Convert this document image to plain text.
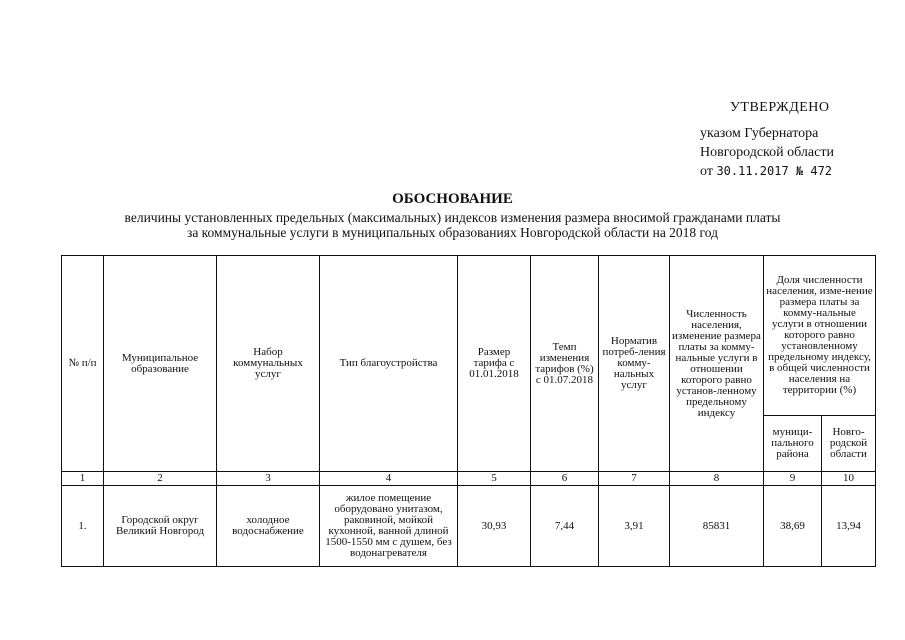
УТВЕРЖДЕНО
указом Губернатора
Новгородской области
от 30.11.2017 № 472
ОБОСНОВАНИЕ
величины установленных предельных (максимальных) индексов изменения размера вносимой гражданами платы
за коммунальные услуги в муниципальных образованиях Новгородской области на 2018 год
№ п/п	Муниципальное образование	Набор коммунальных услуг	Тип благоустройства	Размер тарифа с 01.01.2018	Темп изменения тарифов (%) с 01.07.2018	Норматив потреб-ления комму-нальных услуг	Численность населения, изменение размера платы за комму-нальные услуги в отношении которого равно установ-ленному предельному индексу	Доля численности населения, изме-нение размера платы за комму-нальные услуги в отношении которого равно установленному предельному индексу, в общей численности населения на территории (%)	
								муници-пального района	Новго-родской области
1	2	3	4	5	6	7	8	9	10
1.	Городской округ Великий Новгород	холодное водоснабжение	жилое помещение оборудовано унитазом, раковиной, мойкой кухонной, ванной длиной 1500-1550 мм с душем, без водонагревателя	30,93	7,44	3,91	85831	38,69	13,94
